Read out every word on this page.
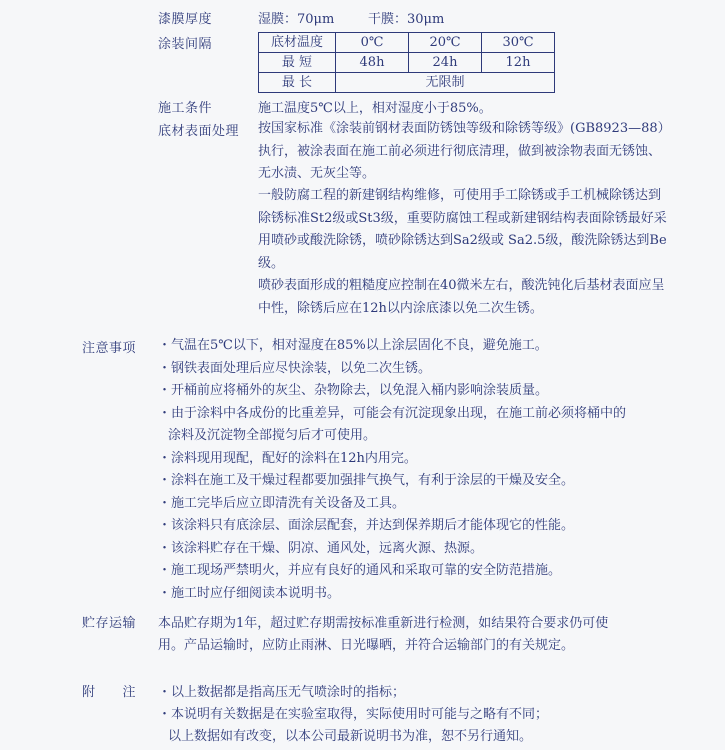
漆膜厚度	湿膜：70μm	干膜：30μm
涂装间隔	底材温度	0℃	20℃	30℃
最 短	48h	24h	12h
最 长	无限制		
施工条件	施工温度5℃以上，相对湿度小于85%。
底材表面处理 按国家标准《涂装前钢材表面防锈蚀等级和除锈等级》(GB8923—88）执行，被涂表面在施工前必须进行彻底清理，做到被涂物表面无锈蚀、无水渍、无灰尘等。
一般防腐工程的新建钢结构维修，可使用手工除锈或手工机械除锈达到除锈标准St2级或St3级，重要防腐蚀工程或新建钢结构表面除锈最好采用喷砂或酸洗除锈，喷砂除锈达到Sa2级或 Sa2.5级，酸洗除锈达到Be级。
喷砂表面形成的粗糙度应控制在40微米左右，酸洗钝化后基材表面应呈中性，除锈后应在12h以内涂底漆以免二次生锈。
注意事项 ・气温在5℃以下，相对湿度在85%以上涂层固化不良，避免施工。
・钢铁表面处理后应尽快涂装，以免二次生锈。
・开桶前应将桶外的灰尘、杂物除去，以免混入桶内影响涂装质量。
・由于涂料中各成份的比重差异，可能会有沉淀现象出现，在施工前必须将桶中的
涂料及沉淀物全部搅匀后才可使用。
・涂料现用现配，配好的涂料在12h内用完。
・涂料在施工及干燥过程都要加强排气换气，有利于涂层的干燥及安全。
・施工完毕后应立即清洗有关设备及工具。
・该涂料只有底涂层、面涂层配套，并达到保养期后才能体现它的性能。
・该涂料贮存在干燥、阴凉、通风处，远离火源、热源。
・施工现场严禁明火，并应有良好的通风和采取可靠的安全防范措施。
・施工时应仔细阅读本说明书。
贮存运输 本品贮存期为1年，超过贮存期需按标准重新进行检测，如结果符合要求仍可使
用。产品运输时，应防止雨淋、日光曝晒，并符合运输部门的有关规定。
附　　注 ・以上数据都是指高压无气喷涂时的指标；
・本说明有关数据是在实验室取得，实际使用时可能与之略有不同；
以上数据如有改变，以本公司最新说明书为准，恕不另行通知。
